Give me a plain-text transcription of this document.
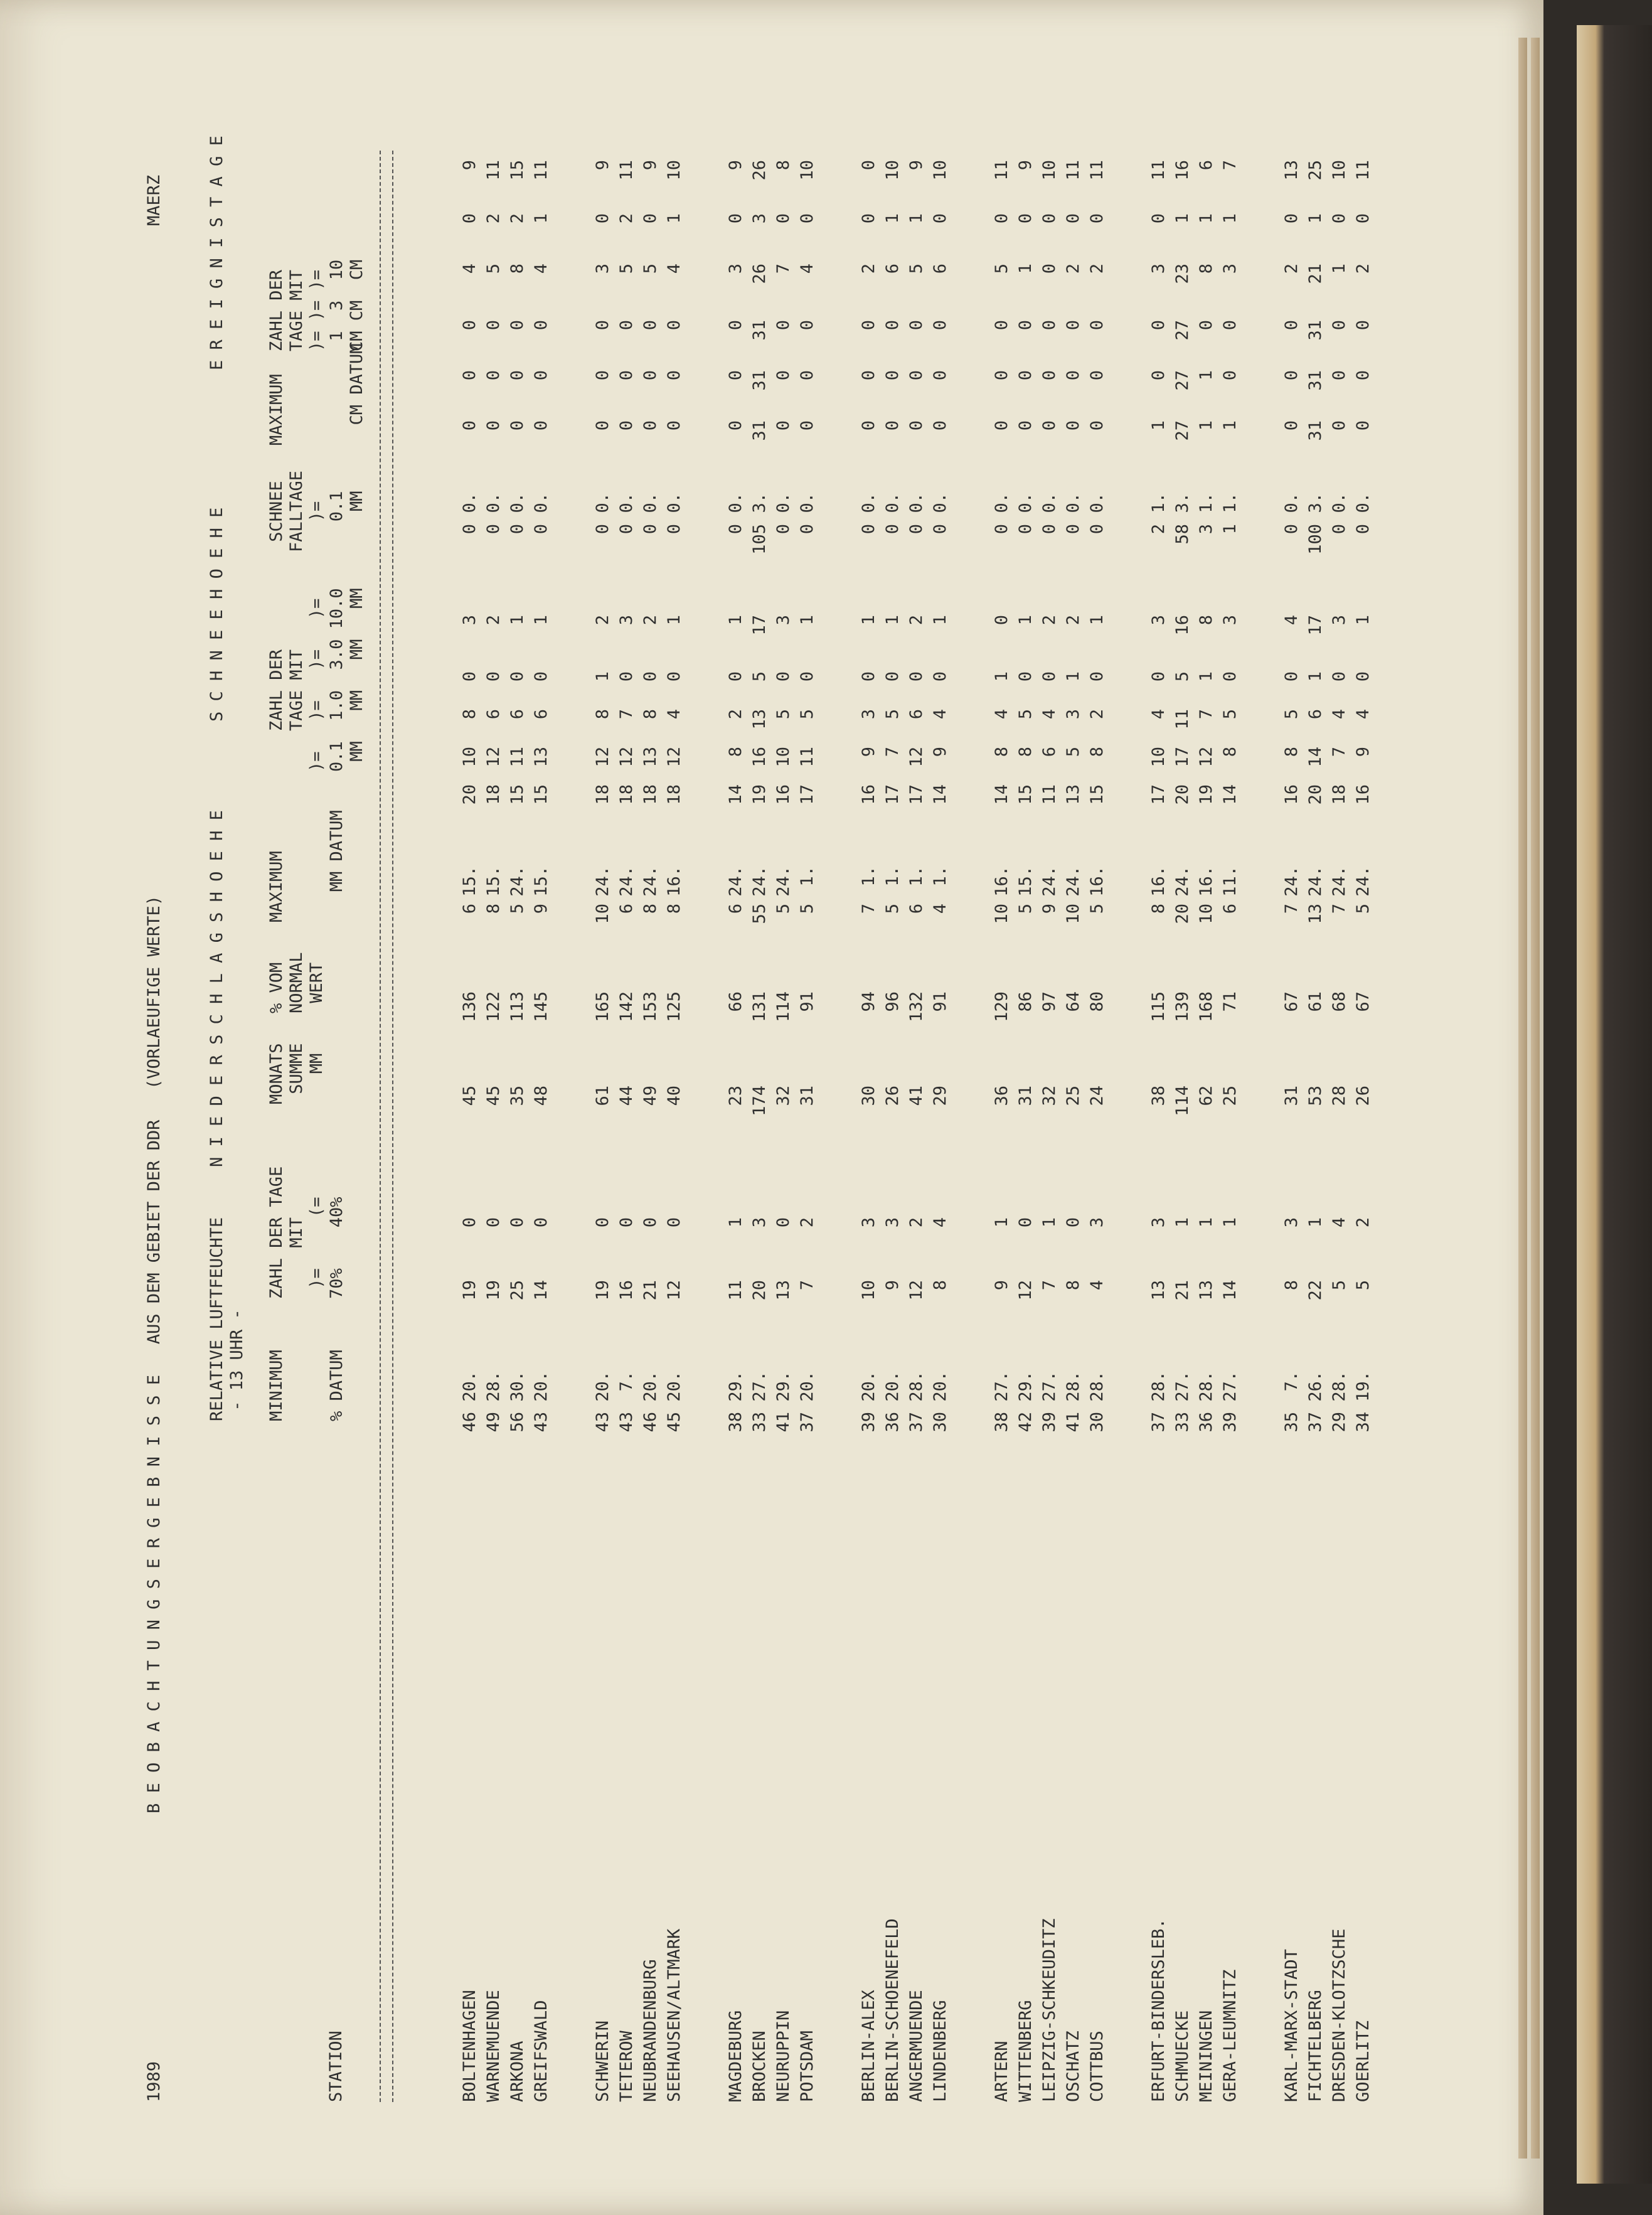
1989
B E O B A C H T U N G S E R G E B N I S S E   AUS DEM GEBIET DER DDR   (VORLAEUFIGE WERTE)
MAERZ
RELATIVE LUFTFEUCHTE
- 13 UHR -
N I E D E R S C H L A G S H O E H E
S C H N E E H O E H E
E R E I G N I S T A G E
STATION
MINIMUM

% DATUM
ZAHL DER TAGE
MIT
)=     (=
70%    40%
MONATS
SUMME
MM
% VOM
NORMAL
WERT
MAXIMUM

MM DATUM
ZAHL DER
TAGE MIT
)=   )=   )=   )=
0.1  1.0  3.0 10.0
MM   MM   MM   MM
SCHNEE
FALLTAGE
)=
0.1
MM
MAXIMUM

CM DATUM
ZAHL DER
TAGE MIT
)= )= )=
1  3  10
CM CM  CM
BOLTENHAGEN
46
20.
19
0
45
136
6
15.
20
10
8
0
3
0
0.
0
0
0
4
0
9
WARNEMUENDE
49
28.
19
0
45
122
8
15.
18
12
6
0
2
0
0.
0
0
0
5
2
11
ARKONA
56
30.
25
0
35
113
5
24.
15
11
6
0
1
0
0.
0
0
0
8
2
15
GREIFSWALD
43
20.
14
0
48
145
9
15.
15
13
6
0
1
0
0.
0
0
0
4
1
11
SCHWERIN
43
20.
19
0
61
165
10
24.
18
12
8
1
2
0
0.
0
0
0
3
0
9
TETEROW
43
7.
16
0
44
142
6
24.
18
12
7
0
3
0
0.
0
0
0
5
2
11
NEUBRANDENBURG
46
20.
21
0
49
153
8
24.
18
13
8
0
2
0
0.
0
0
0
5
0
9
SEEHAUSEN/ALTMARK
45
20.
12
0
40
125
8
16.
18
12
4
0
1
0
0.
0
0
0
4
1
10
MAGDEBURG
38
29.
11
1
23
66
6
24.
14
8
2
0
1
0
0.
0
0
0
3
0
9
BROCKEN
33
27.
20
3
174
131
55
24.
19
16
13
5
17
105
3.
31
31
31
26
3
26
NEURUPPIN
41
29.
13
0
32
114
5
24.
16
10
5
0
3
0
0.
0
0
0
7
0
8
POTSDAM
37
20.
7
2
31
91
5
1.
17
11
5
0
1
0
0.
0
0
0
4
0
10
BERLIN-ALEX
39
20.
10
3
30
94
7
1.
16
9
3
0
1
0
0.
0
0
0
2
0
0
BERLIN-SCHOENEFELD
36
20.
9
3
26
96
5
1.
17
7
5
0
1
0
0.
0
0
0
6
1
10
ANGERMUENDE
37
28.
12
2
41
132
6
1.
17
12
6
0
2
0
0.
0
0
0
5
1
9
LINDENBERG
30
20.
8
4
29
91
4
1.
14
9
4
0
1
0
0.
0
0
0
6
0
10
ARTERN
38
27.
9
1
36
129
10
16.
14
8
4
1
0
0
0.
0
0
0
5
0
11
WITTENBERG
42
29.
12
0
31
86
5
15.
15
8
5
0
1
0
0.
0
0
0
1
0
9
LEIPZIG-SCHKEUDITZ
39
27.
7
1
32
97
9
24.
11
6
4
0
2
0
0.
0
0
0
0
0
10
OSCHATZ
41
28.
8
0
25
64
10
24.
13
5
3
1
2
0
0.
0
0
0
2
0
11
COTTBUS
30
28.
4
3
24
80
5
16.
15
8
2
0
1
0
0.
0
0
0
2
0
11
ERFURT-BINDERSLEB.
37
28.
13
3
38
115
8
16.
17
10
4
0
3
2
1.
1
0
0
3
0
11
SCHMUECKE
33
27.
21
1
114
139
20
24.
20
17
11
5
16
58
3.
27
27
27
23
1
16
MEININGEN
36
28.
13
1
62
168
10
16.
19
12
7
1
8
3
1.
1
1
0
8
1
6
GERA-LEUMNITZ
39
27.
14
1
25
71
6
11.
14
8
5
0
3
1
1.
1
0
0
3
1
7
KARL-MARX-STADT
35
7.
8
3
31
67
7
24.
16
8
5
0
4
0
0.
0
0
0
2
0
13
FICHTELBERG
37
26.
22
1
53
61
13
24.
20
14
6
1
17
100
3.
31
31
31
21
1
25
DRESDEN-KLOTZSCHE
29
28.
5
4
28
68
7
24.
18
7
4
0
3
0
0.
0
0
0
1
0
10
GOERLITZ
34
19.
5
2
26
67
5
24.
16
9
4
0
1
0
0.
0
0
0
2
0
11
